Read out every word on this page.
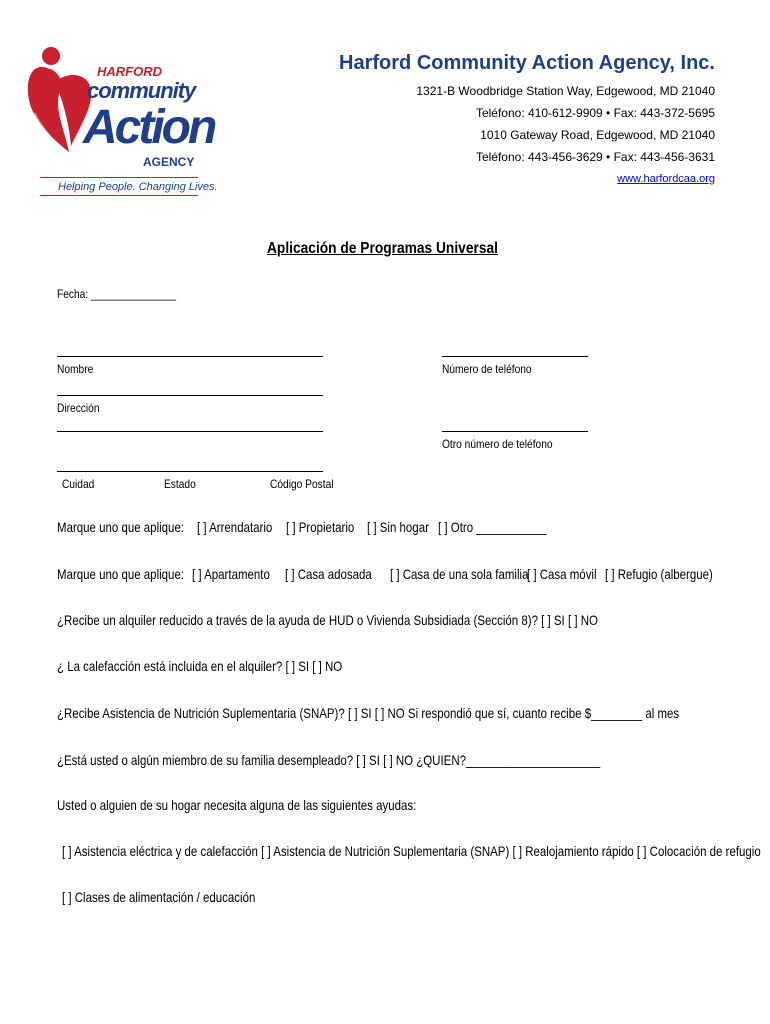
HARFORD
community
Action
AGENCY
Helping People. Changing Lives.
Harford Community Action Agency, Inc.
1321-B Woodbridge Station Way, Edgewood, MD 21040
Teléfono: 410-612-9909 • Fax: 443-372-5695
1010 Gateway Road, Edgewood, MD 21040
Teléfono: 443-456-3629 • Fax: 443-456-3631
www.harfordcaa.org
Aplicación de Programas Universal
Fecha: _______________
Nombre	Número de teléfono
Dirección
Otro número de teléfono
Cuidad	Estado	Código Postal
Marque uno que aplique: [ ] Arrendatario [ ] Propietario [ ] Sin hogar [ ] Otro ___________
Marque uno que aplique: [ ] Apartamento [ ] Casa adosada [ ] Casa de una sola familia
[ ] Casa móvil [ ] Refugio (albergue)
¿Recibe un alquiler reducido a través de la ayuda de HUD o Vivienda Subsidiada (Sección 8)? [ ] SI [ ] NO
¿ La calefacción está incluida en el alquiler? [ ] SI [ ] NO
¿Recibe Asistencia de Nutrición Suplementaria (SNAP)? [ ] SI [ ] NO Si respondió que sí, cuanto recibe $________ al mes
¿Está usted o algún miembro de su familia desempleado? [ ] SI [ ] NO ¿QUIEN?_____________________
Usted o alguien de su hogar necesita alguna de las siguientes ayudas:
[ ] Asistencia eléctrica y de calefacción [ ] Asistencia de Nutrición Suplementaria (SNAP) [ ] Realojamiento rápido [ ] Colocación de refugio
[ ] Clases de alimentación / educación
